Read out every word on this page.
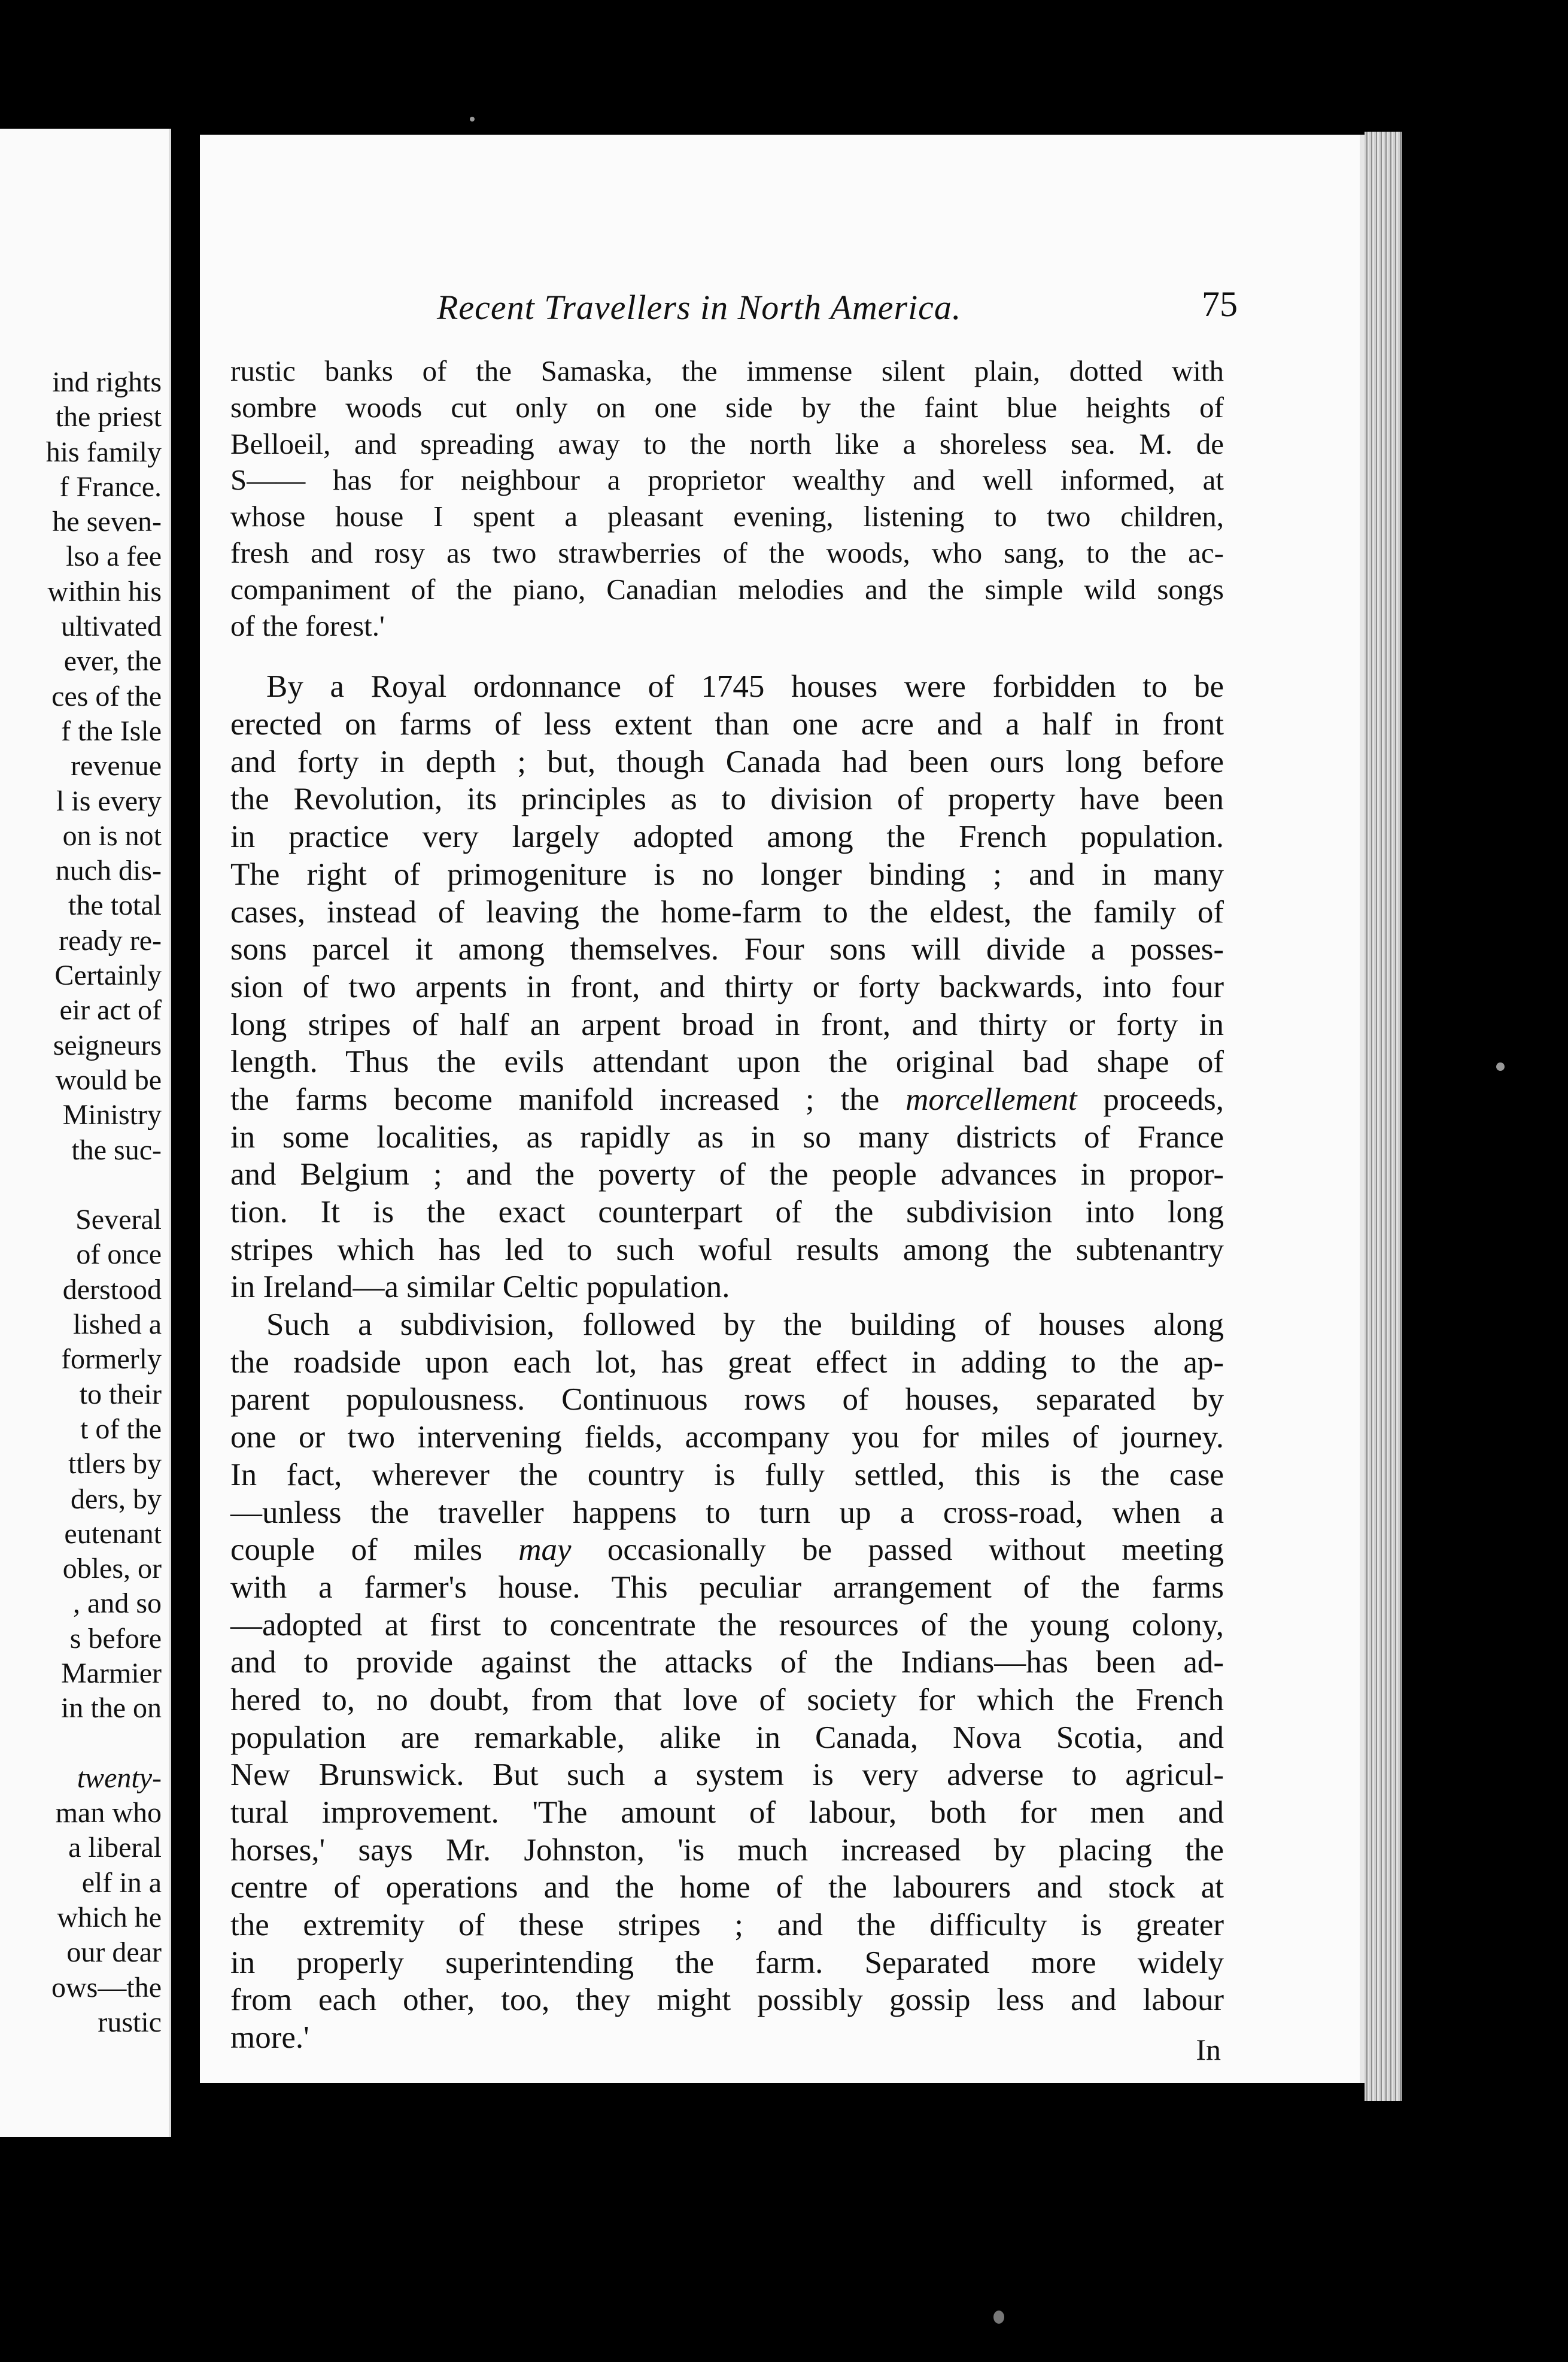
ind rights
the priest
his family
f France.
he seven-
lso a fee
within his
ultivated
ever, the
ces of the
f the Isle
revenue
l is every
on is not
nuch dis-
the total
ready re-
Certainly
eir act of
seigneurs
would be
Ministry
the suc-
Several
of once
derstood
lished a
formerly
to their
t of the
ttlers by
ders, by
eutenant
obles, or
, and so
s before
Marmier
in the on
twenty-
man who
a liberal
elf in a
which he
our dear
ows—the
rustic
Recent Travellers in North America.	75
rustic banks of the Samaska, the immense silent plain, dotted with
sombre woods cut only on one side by the faint blue heights of
Belloeil, and spreading away to the north like a shoreless sea. M. de
S—— has for neighbour a proprietor wealthy and well informed, at
whose house I spent a pleasant evening, listening to two children,
fresh and rosy as two strawberries of the woods, who sang, to the ac-
companiment of the piano, Canadian melodies and the simple wild songs
of the forest.'
By a Royal ordonnance of 1745 houses were forbidden to be
erected on farms of less extent than one acre and a half in front
and forty in depth ; but, though Canada had been ours long before
the Revolution, its principles as to division of property have been
in practice very largely adopted among the French population.
The right of primogeniture is no longer binding ; and in many
cases, instead of leaving the home-farm to the eldest, the family of
sons parcel it among themselves. Four sons will divide a posses-
sion of two arpents in front, and thirty or forty backwards, into four
long stripes of half an arpent broad in front, and thirty or forty in
length. Thus the evils attendant upon the original bad shape of
the farms become manifold increased ; the morcellement proceeds,
in some localities, as rapidly as in so many districts of France
and Belgium ; and the poverty of the people advances in propor-
tion. It is the exact counterpart of the subdivision into long
stripes which has led to such woful results among the subtenantry
in Ireland—a similar Celtic population.
Such a subdivision, followed by the building of houses along
the roadside upon each lot, has great effect in adding to the ap-
parent populousness. Continuous rows of houses, separated by
one or two intervening fields, accompany you for miles of journey.
In fact, wherever the country is fully settled, this is the case
—unless the traveller happens to turn up a cross-road, when a
couple of miles may occasionally be passed without meeting
with a farmer's house. This peculiar arrangement of the farms
—adopted at first to concentrate the resources of the young colony,
and to provide against the attacks of the Indians—has been ad-
hered to, no doubt, from that love of society for which the French
population are remarkable, alike in Canada, Nova Scotia, and
New Brunswick. But such a system is very adverse to agricul-
tural improvement. 'The amount of labour, both for men and
horses,' says Mr. Johnston, 'is much increased by placing the
centre of operations and the home of the labourers and stock at
the extremity of these stripes ; and the difficulty is greater
in properly superintending the farm. Separated more widely
from each other, too, they might possibly gossip less and labour
more.'	In
